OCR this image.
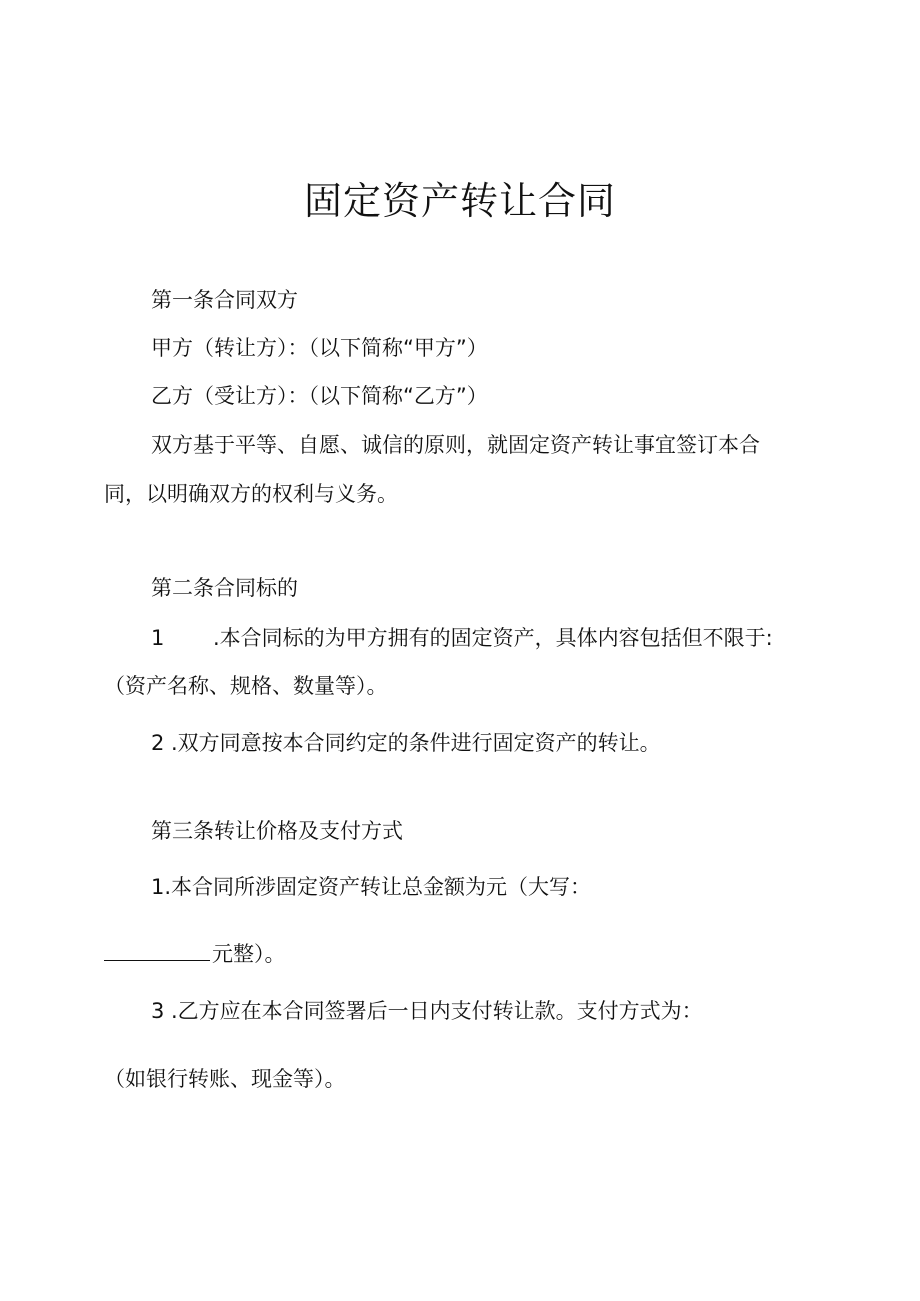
固定资产转让合同

第一条合同双方

甲方（转让方）：（以下简称“甲方”）

乙方（受让方）：（以下简称“乙方”）

双方基于平等、自愿、诚信的原则，就固定资产转让事宜签订本合

同，以明确双方的权利与义务。

第二条合同标的

1 .本合同标的为甲方拥有的固定资产，具体内容包括但不限于:

（资产名称、规格、数量等）。

2 .双方同意按本合同约定的条件进行固定资产的转让。

第三条转让价格及支付方式

1.本合同所涉固定资产转让总金额为元（大写：

元整）。

3 .乙方应在本合同签署后一日内支付转让款。支付方式为：

（如银行转账、现金等）。
